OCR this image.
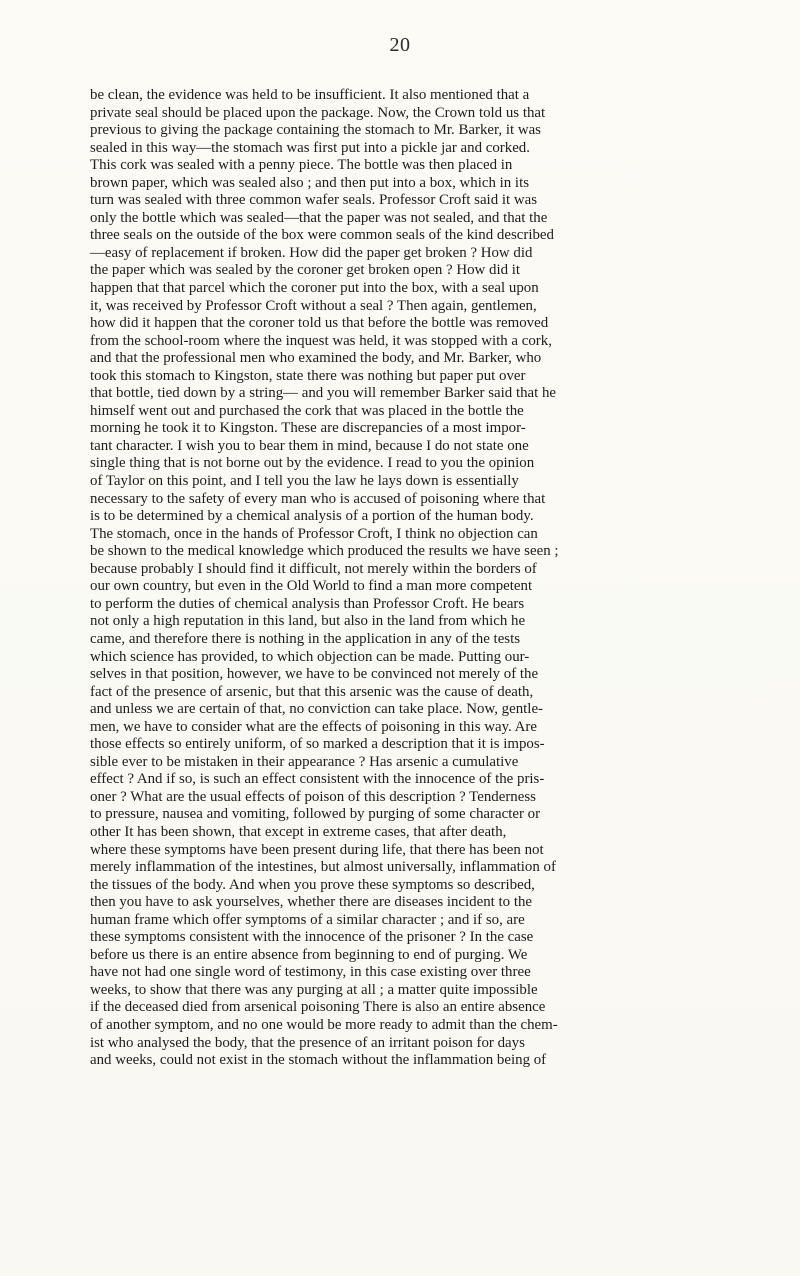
20

be clean, the evidence was held to be insufficient. It also mentioned that a
private seal should be placed upon the package. Now, the Crown told us that
previous to giving the package containing the stomach to Mr. Barker, it was
sealed in this way—the stomach was first put into a pickle jar and corked.
This cork was sealed with a penny piece. The bottle was then placed in
brown paper, which was sealed also ; and then put into a box, which in its
turn was sealed with three common wafer seals. Professor Croft said it was
only the bottle which was sealed—that the paper was not sealed, and that the
three seals on the outside of the box were common seals of the kind described
—easy of replacement if broken. How did the paper get broken ? How did
the paper which was sealed by the coroner get broken open ? How did it
happen that that parcel which the coroner put into the box, with a seal upon
it, was received by Professor Croft without a seal ? Then again, gentlemen,
how did it happen that the coroner told us that before the bottle was removed
from the school-room where the inquest was held, it was stopped with a cork,
and that the professional men who examined the body, and Mr. Barker, who
took this stomach to Kingston, state there was nothing but paper put over
that bottle, tied down by a string— and you will remember Barker said that he
himself went out and purchased the cork that was placed in the bottle the
morning he took it to Kingston. These are discrepancies of a most impor-
tant character. I wish you to bear them in mind, because I do not state one
single thing that is not borne out by the evidence. I read to you the opinion
of Taylor on this point, and I tell you the law he lays down is essentially
necessary to the safety of every man who is accused of poisoning where that
is to be determined by a chemical analysis of a portion of the human body.
The stomach, once in the hands of Professor Croft, I think no objection can
be shown to the medical knowledge which produced the results we have seen ;
because probably I should find it difficult, not merely within the borders of
our own country, but even in the Old World to find a man more competent
to perform the duties of chemical analysis than Professor Croft. He bears
not only a high reputation in this land, but also in the land from which he
came, and therefore there is nothing in the application in any of the tests
which science has provided, to which objection can be made. Putting our-
selves in that position, however, we have to be convinced not merely of the
fact of the presence of arsenic, but that this arsenic was the cause of death,
and unless we are certain of that, no conviction can take place. Now, gentle-
men, we have to consider what are the effects of poisoning in this way. Are
those effects so entirely uniform, of so marked a description that it is impos-
sible ever to be mistaken in their appearance ? Has arsenic a cumulative
effect ? And if so, is such an effect consistent with the innocence of the pris-
oner ? What are the usual effects of poison of this description ? Tenderness
to pressure, nausea and vomiting, followed by purging of some character or
other It has been shown, that except in extreme cases, that after death,
where these symptoms have been present during life, that there has been not
merely inflammation of the intestines, but almost universally, inflammation of
the tissues of the body. And when you prove these symptoms so described,
then you have to ask yourselves, whether there are diseases incident to the
human frame which offer symptoms of a similar character ; and if so, are
these symptoms consistent with the innocence of the prisoner ? In the case
before us there is an entire absence from beginning to end of purging. We
have not had one single word of testimony, in this case existing over three
weeks, to show that there was any purging at all ; a matter quite impossible
if the deceased died from arsenical poisoning There is also an entire absence
of another symptom, and no one would be more ready to admit than the chem-
ist who analysed the body, that the presence of an irritant poison for days
and weeks, could not exist in the stomach without the inflammation being of
